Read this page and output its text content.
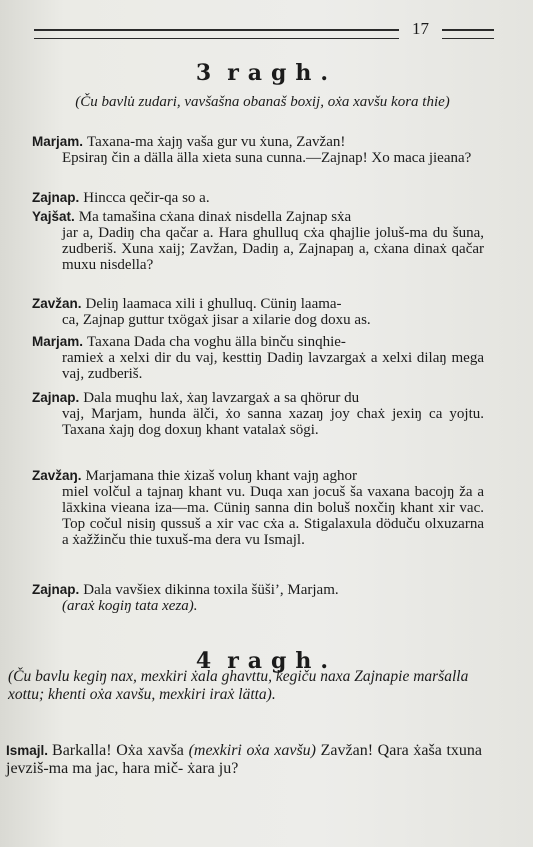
17
3 ragh.
(Ču bavlu̇ zudari, vavšašna obanaš boxij, oẋa xavšu kora thie)
Marjam. Taxana-ma ẋajŋ vaša gur vu ẋuna, Zavžan!
Epsiraŋ čin a dälla älla xieta suna cunna.—Zajnap! Xo maca jieana?
Zajnap. Hincca qečir-qa so a.
Yajšat. Ma tamašina cẋana dinaẋ nisdella Zajnap sẋa
jar a, Dadiŋ cha qačar a. Hara ghulluq cẋa qhajlie joluš-ma du šuna, zudberiš. Xuna xaij; Zavžan, Dadiŋ a, Zajnapaŋ a, cẋana dinaẋ qačar muxu nisdella?
Zavžan. Deliŋ laamaca xili i ghulluq. Cüniŋ laama-
ca, Zajnap guttur txögaẋ jisar a xilarie dog doxu as.
Marjam. Taxana Dada cha voghu älla binču sinqhie-
ramieẋ a xelxi dir du vaj, kesttiŋ Dadiŋ lavzargaẋ a xelxi dilaŋ mega vaj, zudberiš.
Zajnap. Dala muqhu laẋ, ẋaŋ lavzargaẋ a sa qhörur du
vaj, Marjam, hunda älči, ẋo sanna xazaŋ joy chaẋ jexiŋ ca yojtu. Taxana ẋajŋ dog doxuŋ khant vatalaẋ sögi.
Zavžaŋ. Marjamana thie ẋizaš voluŋ khant vajŋ aghor
miel volčul a tajnaŋ khant vu. Duqa xan jocuš ša vaxana bacojŋ ža a lāxkina vieana iza—ma. Cüniŋ sanna din boluš noxčiŋ khant xir vac. Top cočul nisiŋ qussuš a xir vac cẋa a. Stigalaxula döduču olxuzarna a ẋažžinču thie tuxuš-ma dera vu Ismajl.
Zajnap. Dala vavšiex dikinna toxila šüši’, Marjam.
(araẋ kogiŋ tata xeza).
4 ragh.
(Ču bavlu kegiŋ nax, mexkiri ẋala ghavttu, kegiču naxa Zajnapie maršalla xottu; khenti oẋa xavšu, mexkiri iraẋ lätta).
Ismajl. Barkalla! Oẋa xavša (mexkiri oẋa xavšu) Zavžan! Qara ẋaša txuna jevziš-ma ma jac, hara mič- ẋara ju?
